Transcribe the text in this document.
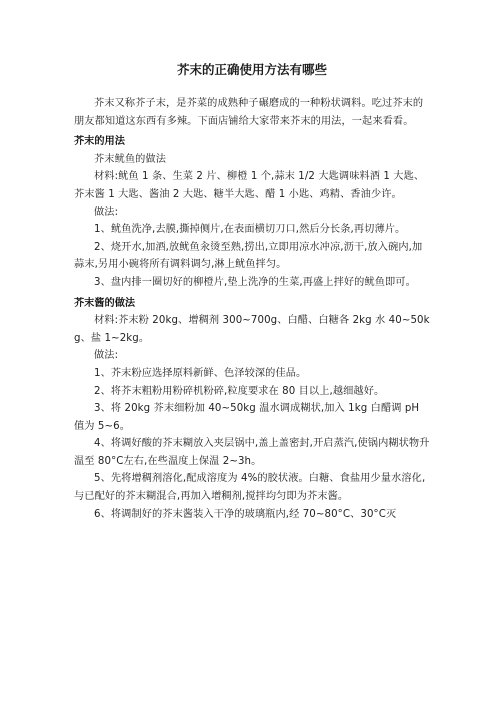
芥末的正确使用方法有哪些

芥末又称芥子末，是芥菜的成熟种子碾磨成的一种粉状调料。吃过芥末的朋友都知道这东西有多辣。下面店铺给大家带来芥末的用法，一起来看看。

芥末的用法

芥末鱿鱼的做法

材料:鱿鱼 1 条、生菜 2 片、柳橙 1 个,蒜末 1/2 大匙调味料酒 1 大匙、芥末酱 1 大匙、酱油 2 大匙、糖半大匙、醋 1 小匙、鸡精、香油少许。

做法:

1、鱿鱼洗净,去膜,撕掉侧片,在表面横切刀口,然后分长条,再切薄片。

2、烧开水,加酒,放鱿鱼汆烫至熟,捞出,立即用凉水冲凉,沥干,放入碗内,加蒜末,另用小碗将所有调料调匀,淋上鱿鱼拌匀。

3、盘内排一圈切好的柳橙片,垫上洗净的生菜,再盛上拌好的鱿鱼即可。

芥末酱的做法

材料:芥末粉 20kg、增稠剂 300~700g、白醋、白糖各 2kg 水 40~50kg、盐 1~2kg。

做法:

1、芥末粉应选择原料新鲜、色泽较深的佳品。

2、将芥末粗粉用粉碎机粉碎,粒度要求在 80 目以上,越细越好。

3、将 20kg 芥末细粉加 40~50kg 温水调成糊状,加入 1kg 白醋调 pH 值为 5~6。

4、将调好酸的芥末糊放入夹层锅中,盖上盖密封,开启蒸汽,使锅内糊状物升温至 80°C左右,在些温度上保温 2~3h。

5、先将增稠剂溶化,配成溶度为 4%的胶状液。白糖、食盐用少量水溶化,与已配好的芥末糊混合,再加入增稠剂,搅拌均匀即为芥末酱。

6、将调制好的芥末酱装入干净的玻璃瓶内,经 70~80°C、30°C灭
